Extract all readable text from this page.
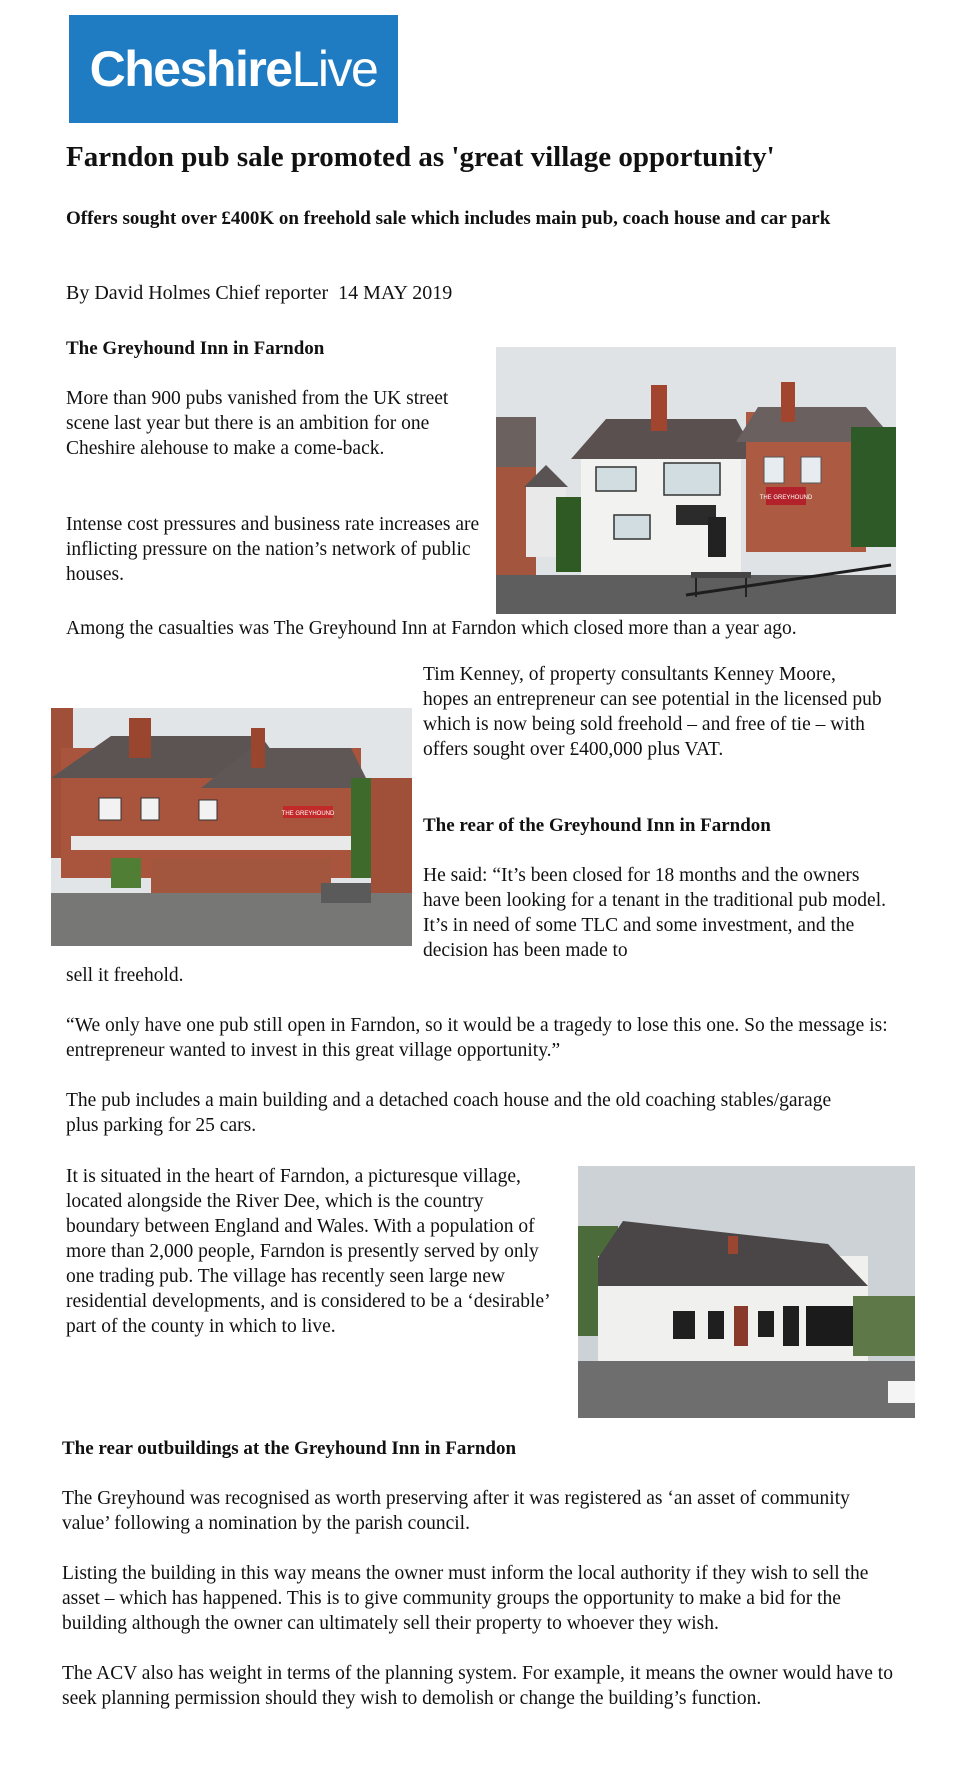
Cheshire Live
Farndon pub sale promoted as 'great village opportunity'

Offers sought over £400K on freehold sale which includes main pub, coach house and car park

By David Holmes Chief reporter  14 MAY 2019

The Greyhound Inn in Farndon

More than 900 pubs vanished from the UK street scene last year but there is an ambition for one Cheshire alehouse to make a come-back.

Intense cost pressures and business rate increases are inflicting pressure on the nation’s network of public houses.

THE GREYHOUND

Among the casualties was The Greyhound Inn at Farndon which closed more than a year ago.

THE GREYHOUND

Tim Kenney, of property consultants Kenney Moore, hopes an entrepreneur can see potential in the licensed pub which is now being sold freehold – and free of tie – with offers sought over £400,000 plus VAT.

The rear of the Greyhound Inn in Farndon

He said: “It’s been closed for 18 months and the owners have been looking for a tenant in the traditional pub model. It’s in need of some TLC and some investment, and the decision has been made to

sell it freehold.

“We only have one pub still open in Farndon, so it would be a tragedy to lose this one. So the message is: entrepreneur wanted to invest in this great village opportunity.”

The pub includes a main building and a detached coach house and the old coaching stables/garage plus parking for 25 cars.

It is situated in the heart of Farndon, a picturesque village, located alongside the River Dee, which is the country boundary between England and Wales. With a population of more than 2,000 people, Farndon is presently served by only one trading pub. The village has recently seen large new residential developments, and is considered to be a ‘desirable’ part of the county in which to live.

The rear outbuildings at the Greyhound Inn in Farndon

The Greyhound was recognised as worth preserving after it was registered as ‘an asset of community value’ following a nomination by the parish council.

Listing the building in this way means the owner must inform the local authority if they wish to sell the asset – which has happened. This is to give community groups the opportunity to make a bid for the building although the owner can ultimately sell their property to whoever they wish.

The ACV also has weight in terms of the planning system. For example, it means the owner would have to seek planning permission should they wish to demolish or change the building’s function.
